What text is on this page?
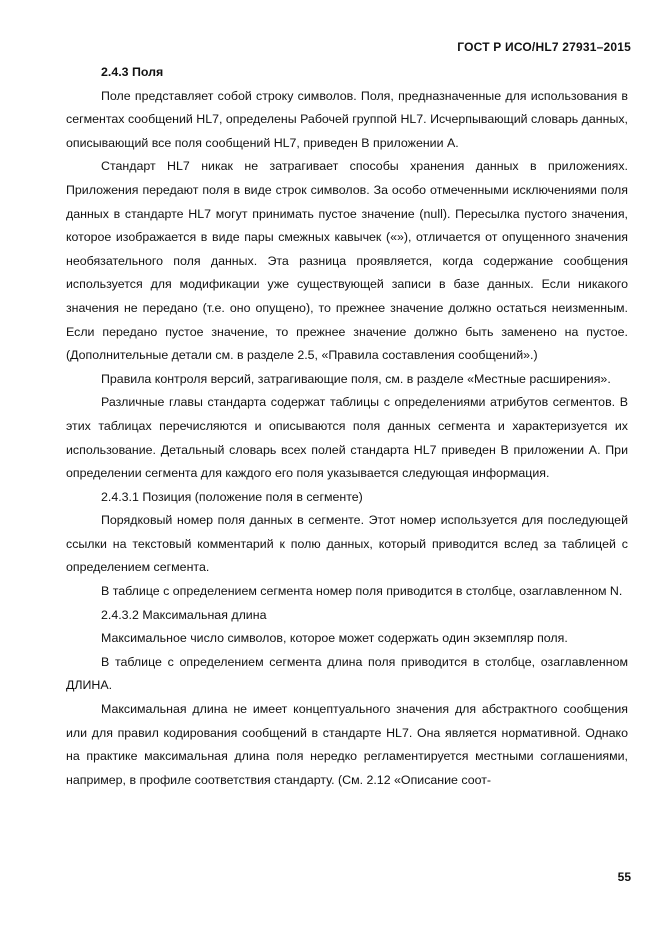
ГОСТ Р ИСО/HL7 27931–2015

2.4.3 Поля

Поле представляет собой строку символов. Поля, предназначенные для использования в сегментах сообщений HL7, определены Рабочей группой HL7. Исчерпывающий словарь данных, описывающий все поля сообщений HL7, приведен В приложении А.

Стандарт HL7 никак не затрагивает способы хранения данных в приложениях. Приложения передают поля в виде строк символов. За особо отмеченными исключениями поля данных в стандарте HL7 могут принимать пустое значение (null). Пересылка пустого значения, которое изображается в виде пары смежных кавычек («»), отличается от опущенного значения необязательного поля данных. Эта разница проявляется, когда содержание сообщения используется для модификации уже существующей записи в базе данных. Если никакого значения не передано (т.е. оно опущено), то прежнее значение должно остаться неизменным. Если передано пустое значение, то прежнее значение должно быть заменено на пустое. (Дополнительные детали см. в разделе 2.5, «Правила составления сообщений».)

Правила контроля версий, затрагивающие поля, см. в разделе «Местные расширения».

Различные главы стандарта содержат таблицы с определениями атрибутов сегментов. В этих таблицах перечисляются и описываются поля данных сегмента и характеризуется их использование. Детальный словарь всех полей стандарта HL7 приведен В приложении А. При определении сегмента для каждого его поля указывается следующая информация.

2.4.3.1 Позиция (положение поля в сегменте)

Порядковый номер поля данных в сегменте. Этот номер используется для последующей ссылки на текстовый комментарий к полю данных, который приводится вслед за таблицей с определением сегмента.

В таблице с определением сегмента номер поля приводится в столбце, озаглавленном N.

2.4.3.2 Максимальная длина

Максимальное число символов, которое может содержать один экземпляр поля.

В таблице с определением сегмента длина поля приводится в столбце, озаглавленном ДЛИНА.

Максимальная длина не имеет концептуального значения для абстрактного сообщения или для правил кодирования сообщений в стандарте HL7. Она является нормативной. Однако на практике максимальная длина поля нередко регламентируется местными соглашениями, например, в профиле соответствия стандарту. (См. 2.12 «Описание соот-

55
